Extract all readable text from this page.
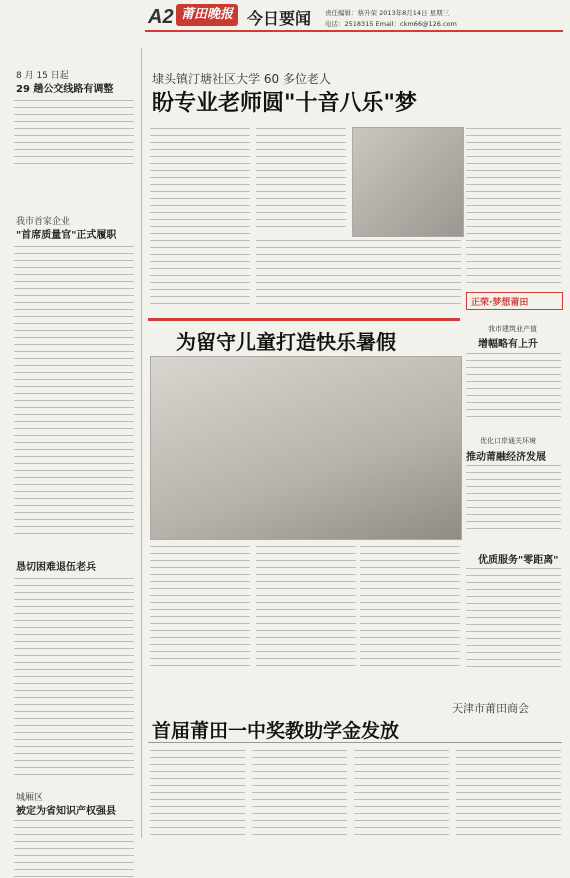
A2 莆田晚报 今日要闻 责任编辑：蔡升荣 2013年8月14日 星期三
电话：2518315 Email：ckm66@126.com
8 月 15 日起
29 趟公交线路有调整
我市首家企业
"首席质量官"正式履职
恳切困难退伍老兵
城厢区
被定为省知识产权强县
埭头镇汀塘社区大学 60 多位老人
盼专业老师圆"十音八乐"梦
正荣·梦想莆田
我市建筑业产值
增幅略有上升
优化口岸通关环境
推动莆融经济发展
优质服务"零距离"
为留守儿童打造快乐暑假
天津市莆田商会
首届莆田一中奖教助学金发放
